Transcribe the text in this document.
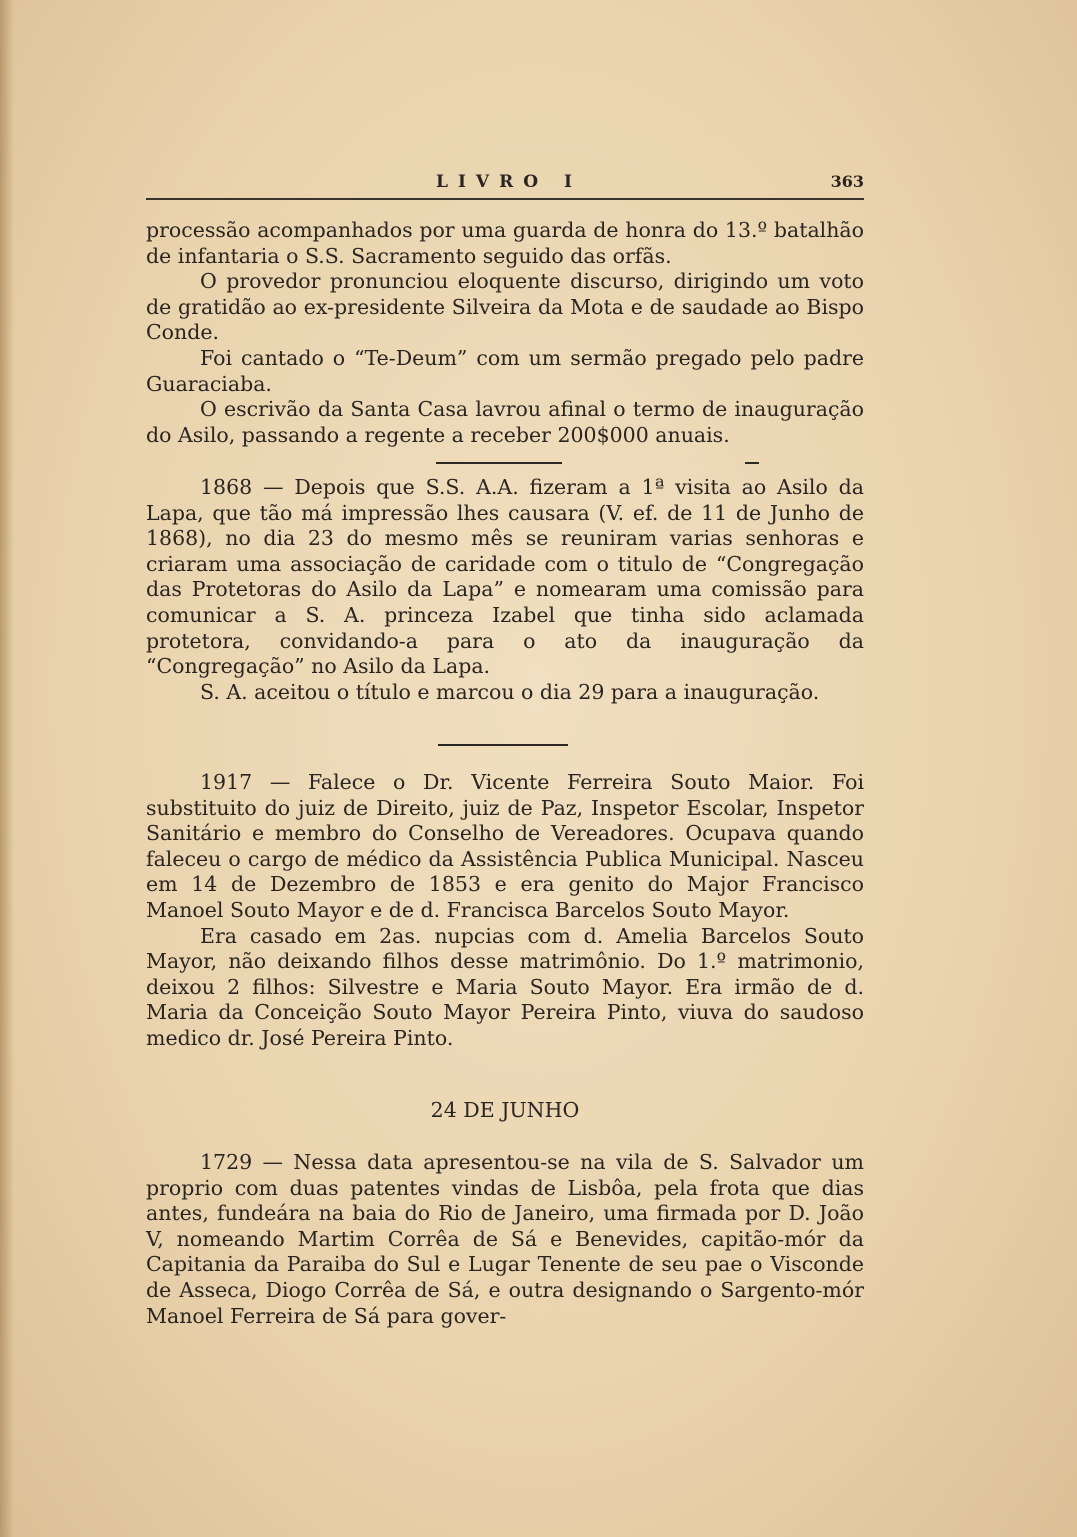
LIVRO I	363

processão acompanhados por uma guarda de honra do 13.º batalhão de infantaria o S.S. Sacramento seguido das orfãs.

O provedor pronunciou eloquente discurso, dirigindo um voto de gratidão ao ex-presidente Silveira da Mota e de saudade ao Bispo Conde.

Foi cantado o “Te-Deum” com um sermão pregado pelo padre Guaraciaba.

O escrivão da Santa Casa lavrou afinal o termo de inauguração do Asilo, passando a regente a receber 200$000 anuais.

1868 — Depois que S.S. A.A. fizeram a 1ª visita ao Asilo da Lapa, que tão má impressão lhes causara (V. ef. de 11 de Junho de 1868), no dia 23 do mesmo mês se reuniram varias senhoras e criaram uma associação de caridade com o titulo de “Congregação das Protetoras do Asilo da Lapa” e nomearam uma comissão para comunicar a S. A. princeza Izabel que tinha sido aclamada protetora, convidando-a para o ato da inauguração da “Congregação” no Asilo da Lapa.

S. A. aceitou o título e marcou o dia 29 para a inauguração.

1917 — Falece o Dr. Vicente Ferreira Souto Maior. Foi substituito do juiz de Direito, juiz de Paz, Inspetor Escolar, Inspetor Sanitário e membro do Conselho de Vereadores. Ocupava quando faleceu o cargo de médico da Assistência Publica Municipal. Nasceu em 14 de Dezembro de 1853 e era genito do Major Francisco Manoel Souto Mayor e de d. Francisca Barcelos Souto Mayor.

Era casado em 2as. nupcias com d. Amelia Barcelos Souto Mayor, não deixando filhos desse matrimônio. Do 1.º matrimonio, deixou 2 filhos: Silvestre e Maria Souto Mayor. Era irmão de d. Maria da Conceição Souto Mayor Pereira Pinto, viuva do saudoso medico dr. José Pereira Pinto.

24 DE JUNHO

1729 — Nessa data apresentou-se na vila de S. Salvador um proprio com duas patentes vindas de Lisbôa, pela frota que dias antes, fundeára na baia do Rio de Janeiro, uma firmada por D. João V, nomeando Martim Corrêa de Sá e Benevides, capitão-mór da Capitania da Paraiba do Sul e Lugar Tenente de seu pae o Visconde de Asseca, Diogo Corrêa de Sá, e outra designando o Sargento-mór Manoel Ferreira de Sá para gover-
